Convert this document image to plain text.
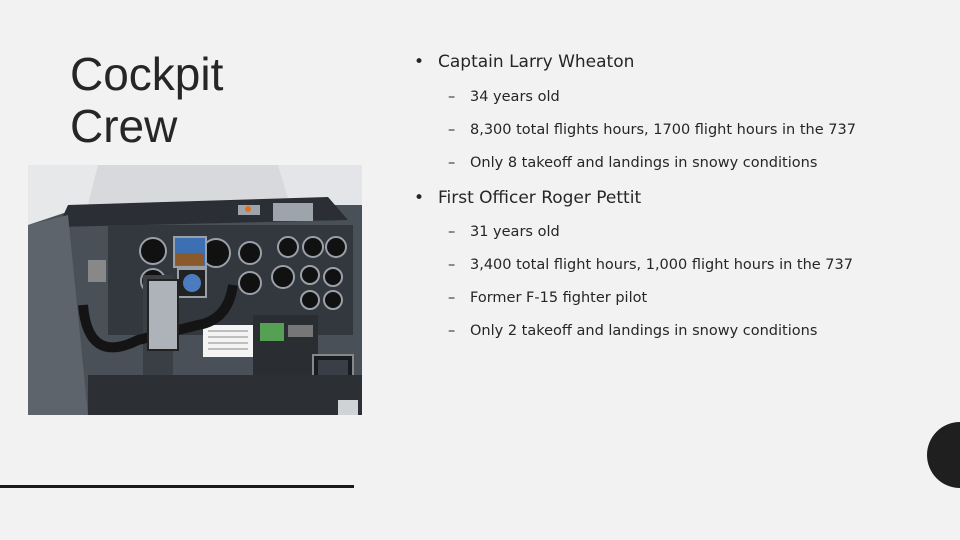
Cockpit
Crew
• Captain Larry Wheaton
– 34 years old
– 8,300 total flights hours, 1700 flight hours in the 737
– Only 8 takeoff and landings in snowy conditions
• First Officer Roger Pettit
– 31 years old
– 3,400 total flight hours, 1,000 flight hours in the 737
– Former F-15 fighter pilot
– Only 2 takeoff and landings in snowy conditions
